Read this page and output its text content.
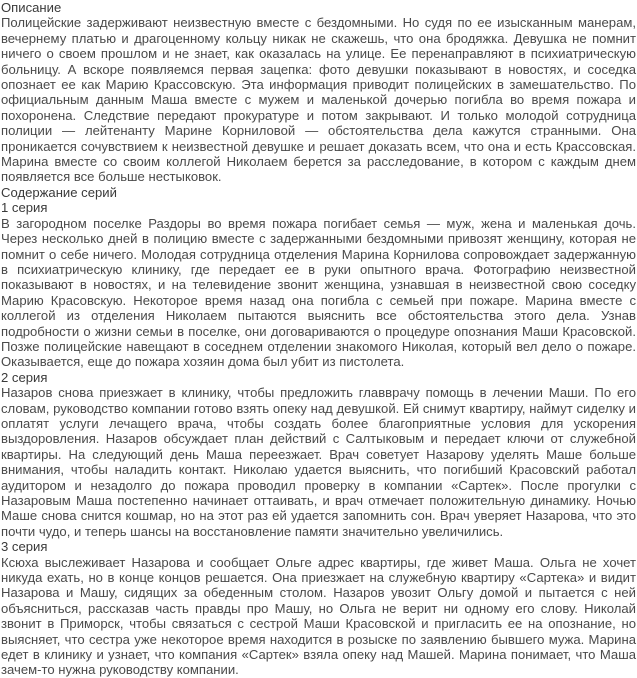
Описание

Полицейские задерживают неизвестную вместе с бездомными. Но судя по ее изысканным манерам, вечернему платью и драгоценному кольцу никак не скажешь, что она бродяжка. Девушка не помнит ничего о своем прошлом и не знает, как оказалась на улице. Ее перенаправляют в психиатрическую больницу. А вскоре появляемся первая зацепка: фото девушки показывают в новостях, и соседка опознает ее как Марию Крассовскую. Эта информация приводит полицейских в замешательство. По официальным данным Маша вместе с мужем и маленькой дочерью погибла во время пожара и похоронена. Следствие передают прокуратуре и потом закрывают. И только молодой сотрудница полиции — лейтенанту Марине Корниловой — обстоятельства дела кажутся странными. Она проникается сочувствием к неизвестной девушке и решает доказать всем, что она и есть Крассовская. Марина вместе со своим коллегой Николаем берется за расследование, в котором с каждым днем появляется все больше нестыковок.

Содержание серий
1 серия

В загородном поселке Раздоры во время пожара погибает семья — муж, жена и маленькая дочь. Через несколько дней в полицию вместе с задержанными бездомными привозят женщину, которая не помнит о себе ничего. Молодая сотрудница отделения Марина Корнилова сопровождает задержанную в психиатрическую клинику, где передает ее в руки опытного врача. Фотографию неизвестной показывают в новостях, и на телевидение звонит женщина, узнавшая в неизвестной свою соседку Марию Красовскую. Некоторое время назад она погибла с семьей при пожаре. Марина вместе с коллегой из отделения Николаем пытаются выяснить все обстоятельства этого дела. Узнав подробности о жизни семьи в поселке, они договариваются о процедуре опознания Маши Красовской. Позже полицейские навещают в соседнем отделении знакомого Николая, который вел дело о пожаре. Оказывается, еще до пожара хозяин дома был убит из пистолета.

2 серия

Назаров снова приезжает в клинику, чтобы предложить главврачу помощь в лечении Маши. По его словам, руководство компании готово взять опеку над девушкой. Ей снимут квартиру, наймут сиделку и оплатят услуги лечащего врача, чтобы создать более благоприятные условия для ускорения выздоровления. Назаров обсуждает план действий с Салтыковым и передает ключи от служебной квартиры. На следующий день Маша переезжает. Врач советует Назарову уделять Маше больше внимания, чтобы наладить контакт. Николаю удается выяснить, что погибший Красовский работал аудитором и незадолго до пожара проводил проверку в компании «Сартек». После прогулки с Назаровым Маша постепенно начинает оттаивать, и врач отмечает положительную динамику. Ночью Маше снова снится кошмар, но на этот раз ей удается запомнить сон. Врач уверяет Назарова, что это почти чудо, и теперь шансы на восстановление памяти значительно увеличились.

3 серия

Ксюха выслеживает Назарова и сообщает Ольге адрес квартиры, где живет Маша. Ольга не хочет никуда ехать, но в конце концов решается. Она приезжает на служебную квартиру «Сартека» и видит Назарова и Машу, сидящих за обеденным столом. Назаров увозит Ольгу домой и пытается с ней объясниться, рассказав часть правды про Машу, но Ольга не верит ни одному его слову. Николай звонит в Приморск, чтобы связаться с сестрой Маши Красовской и пригласить ее на опознание, но выясняет, что сестра уже некоторое время находится в розыске по заявлению бывшего мужа. Марина едет в клинику и узнает, что компания «Сартек» взяла опеку над Машей. Марина понимает, что Маша зачем-то нужна руководству компании.
